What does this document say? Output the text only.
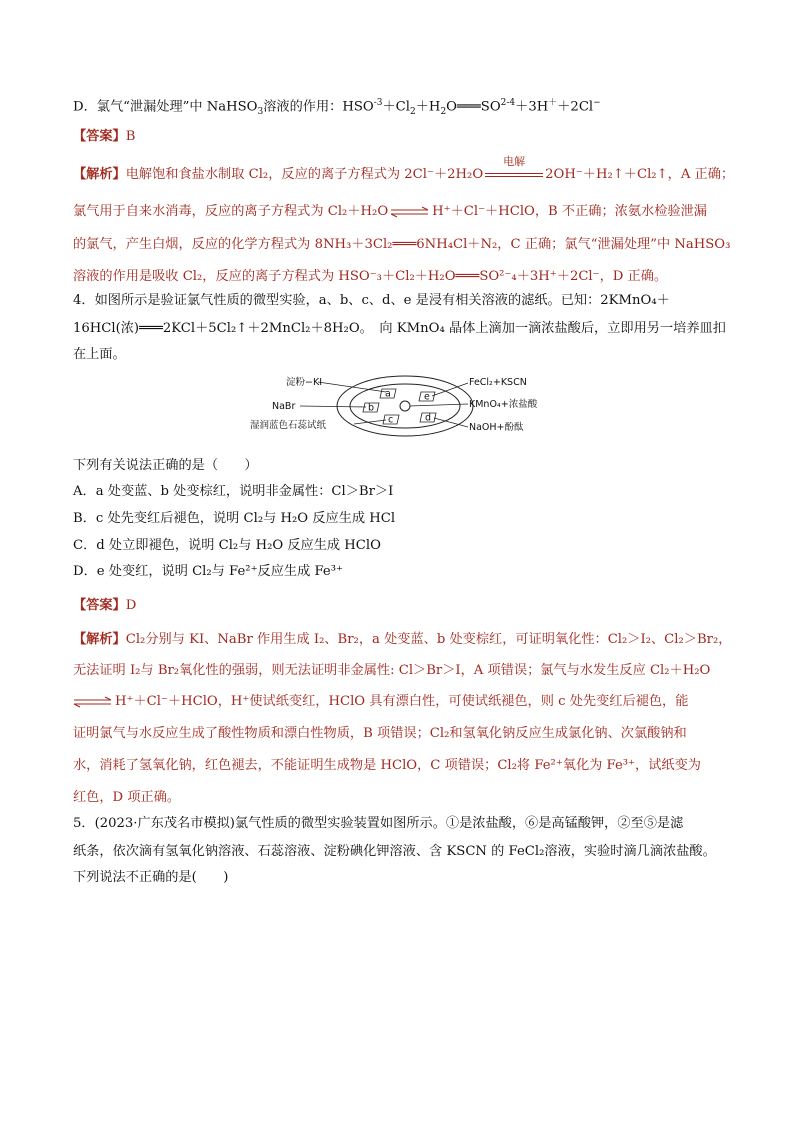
D．氯气“泄漏处理”中 NaHSO$_3$溶液的作用：$HSO^{-3}+Cl_2+H_2O═══SO^{2-4}+3H^++2Cl^-$
【答案】B
【解析】电解饱和食盐水制取 Cl₂，反应的离子方程式为 2Cl⁻＋2H₂O
电解
2OH⁻＋H₂↑＋Cl₂↑，A 正确；
氯气用于自来水消毒，反应的离子方程式为 Cl₂＋H₂O ⇌ H⁺＋Cl⁻＋HClO，B 不正确；浓氨水检验泄漏
的氯气，产生白烟，反应的化学方程式为 8NH₃＋3Cl₂═══6NH₄Cl＋N₂，C 正确；氯气“泄漏处理”中 NaHSO₃
溶液的作用是吸收 Cl₂，反应的离子方程式为 HSO⁻₃＋Cl₂＋H₂O═══SO²⁻₄＋3H⁺＋2Cl⁻，D 正确。
4．如图所示是验证氯气性质的微型实验，a、b、c、d、e 是浸有相关溶液的滤纸。已知：2KMnO₄＋
16HCl(浓)═══2KCl＋5Cl₂↑＋2MnCl₂＋8H₂O。　向 KMnO₄ 晶体上滴加一滴浓盐酸后，立即用另一培养皿扣
在上面。
a
b
c	d
e
淀粉−KI
NaBr
湿润蓝色石蕊试纸
FeCl₂+KSCN
KMnO₄+浓盐酸
NaOH+酚酞
下列有关说法正确的是（　　）
A．a 处变蓝、b 处变棕红，说明非金属性：Cl＞Br＞I
B．c 处先变红后褪色，说明 Cl₂与 H₂O 反应生成 HCl
C．d 处立即褪色，说明 Cl₂与 H₂O 反应生成 HClO
D．e 处变红，说明 Cl₂与 Fe²⁺反应生成 Fe³⁺
【答案】D
【解析】Cl₂分别与 KI、NaBr 作用生成 I₂、Br₂，a 处变蓝、b 处变棕红，可证明氧化性：Cl₂＞I₂、Cl₂＞Br₂，
无法证明 I₂与 Br₂氧化性的强弱，则无法证明非金属性: Cl＞Br＞I，A 项错误；氯气与水发生反应 Cl₂＋H₂O
⇌ H⁺＋Cl⁻＋HClO，H⁺使试纸变红，HClO 具有漂白性，可使试纸褪色，则 c 处先变红后褪色，能
证明氯气与水反应生成了酸性物质和漂白性物质，B 项错误；Cl₂和氢氧化钠反应生成氯化钠、次氯酸钠和
水，消耗了氢氧化钠，红色褪去，不能证明生成物是 HClO，C 项错误；Cl₂将 Fe²⁺氧化为 Fe³⁺，试纸变为
红色，D 项正确。
5．(2023·广东茂名市模拟)氯气性质的微型实验装置如图所示。①是浓盐酸，⑥是高锰酸钾，②至⑤是滤
纸条，依次滴有氢氧化钠溶液、石蕊溶液、淀粉碘化钾溶液、含 KSCN 的 FeCl₂溶液，实验时滴几滴浓盐酸。
下列说法不正确的是(　　)
